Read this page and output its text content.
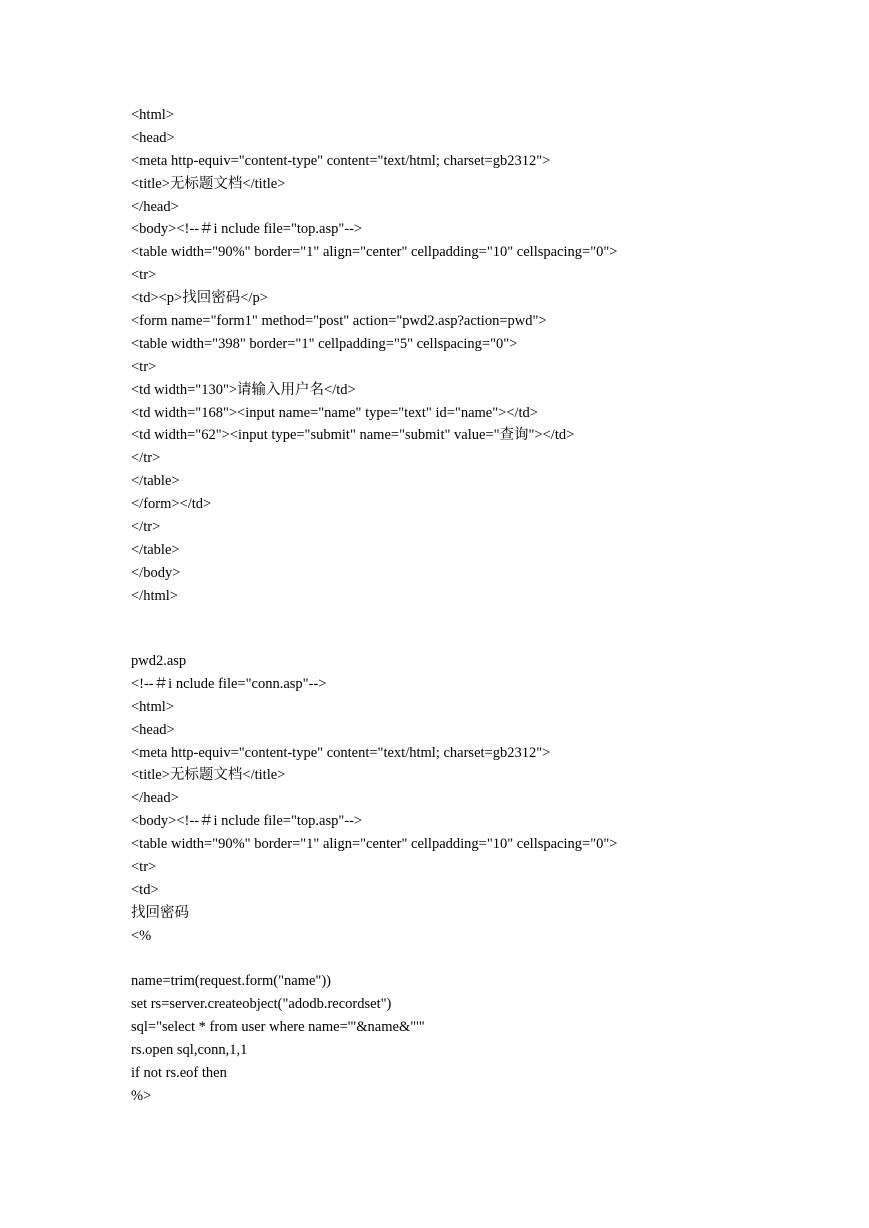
<html>
<head>
<meta http-equiv="content-type" content="text/html; charset=gb2312">
<title>无标题文档</title>
</head>
<body><!--＃i nclude file="top.asp"-->
<table width="90%" border="1" align="center" cellpadding="10" cellspacing="0">
<tr>
<td><p>找回密码</p>
<form name="form1" method="post" action="pwd2.asp?action=pwd">
<table width="398" border="1" cellpadding="5" cellspacing="0">
<tr>
<td width="130">请输入用户名</td>
<td width="168"><input name="name" type="text" id="name"></td>
<td width="62"><input type="submit" name="submit" value="查询"></td>
</tr>
</table>
</form></td>
</tr>
</table>
</body>
</html>
pwd2.asp
<!--＃i nclude file="conn.asp"-->
<html>
<head>
<meta http-equiv="content-type" content="text/html; charset=gb2312">
<title>无标题文档</title>
</head>
<body><!--＃i nclude file="top.asp"-->
<table width="90%" border="1" align="center" cellpadding="10" cellspacing="0">
<tr>
<td>
找回密码
<%
name=trim(request.form("name"))
set rs=server.createobject("adodb.recordset")
sql="select * from user where name='"&name&"'"
rs.open sql,conn,1,1
if not rs.eof then
%>
